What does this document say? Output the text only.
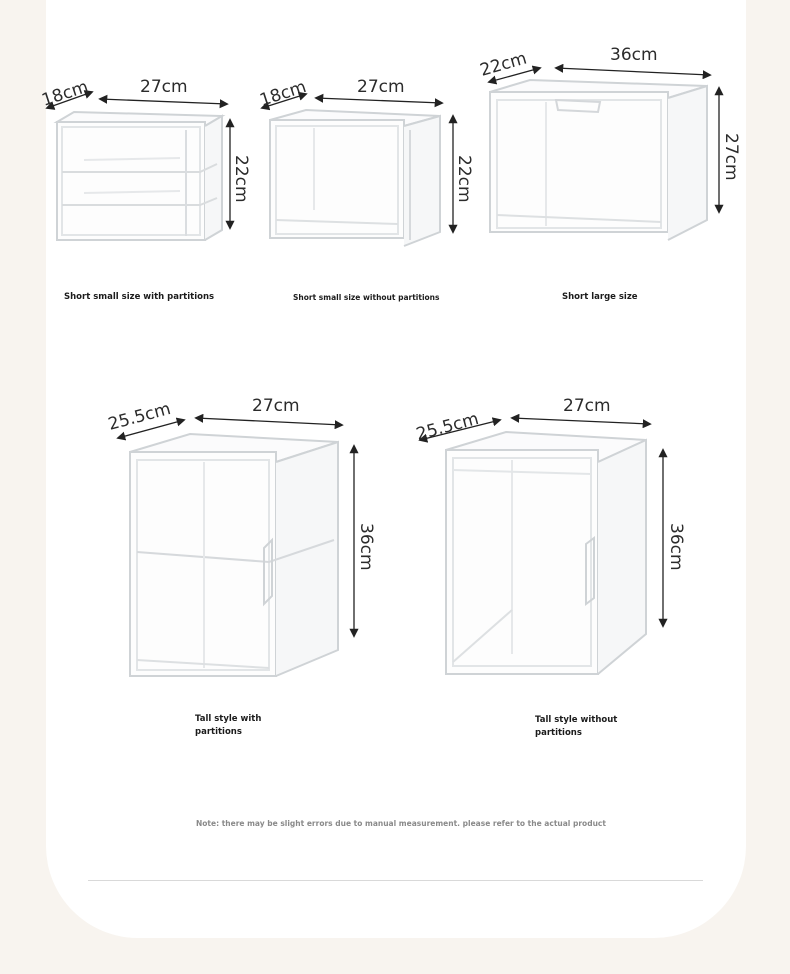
18cm	27cm
22cm
18cm	27cm
22cm
22cm	36cm
27cm
25.5cm	27cm
36cm
25.5cm
27cm
36cm
Short small size with partitions	Short small size without partitions	Short large size
Tall style with
partitions
Tall style without
partitions
Note: there may be slight errors due to manual measurement. please refer to the actual product
